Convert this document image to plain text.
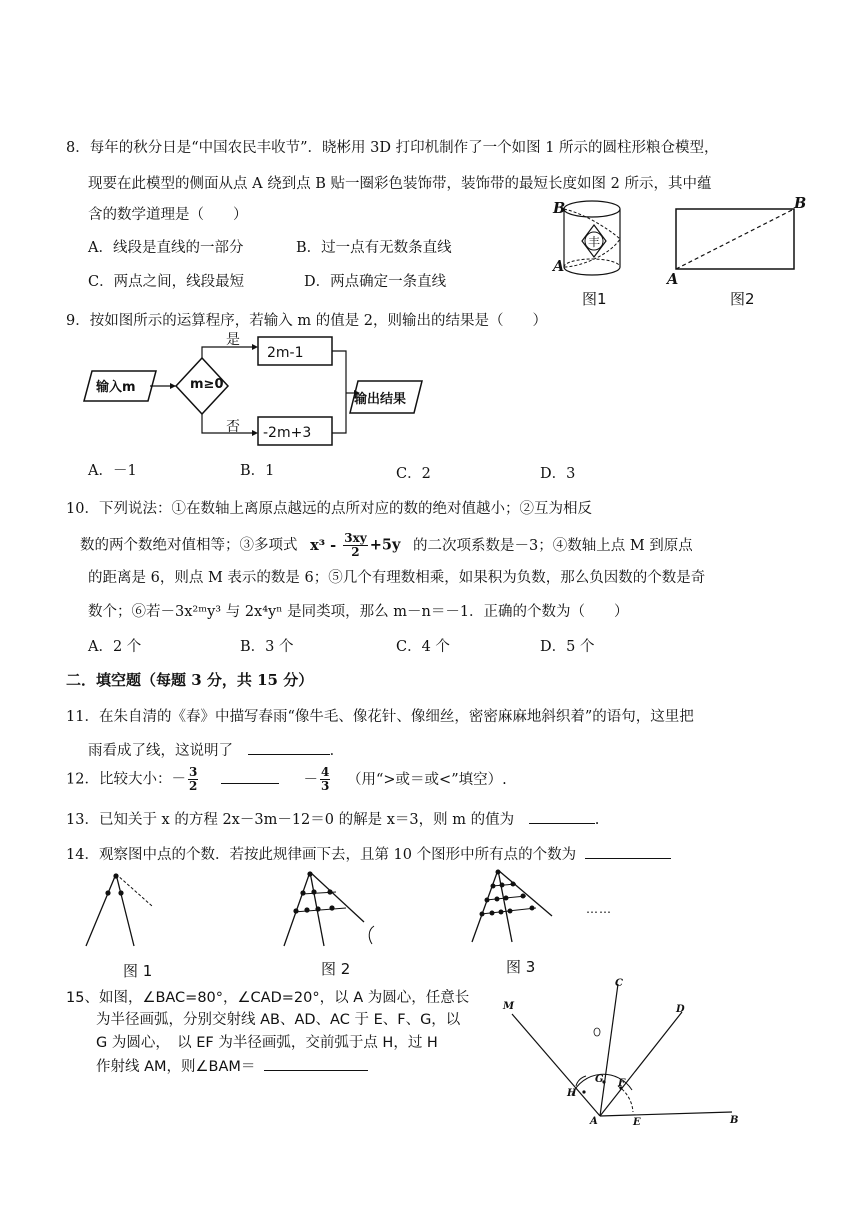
8．每年的秋分日是“中国农民丰收节”．晓彬用 3D 打印机制作了一个如图 1 所示的圆柱形粮仓模型，
现要在此模型的侧面从点 A 绕到点 B 贴一圈彩色装饰带，装饰带的最短长度如图 2 所示，其中蕴
含的数学道理是（　　）
A．线段是直线的一部分	B．过一点有无数条直线
C．两点之间，线段最短	D．两点确定一条直线
B
A
丰
图1
B
A
图2
9．按如图所示的运算程序，若输入 m 的值是 2，则输出的结果是（　　）
输入m	m≥0
是
否
2m-1
-2m+3
输出结果
A．－1	B．1	C．2	D．3
10．下列说法：①在数轴上离原点越远的点所对应的数的绝对值越小；②互为相反
数的两个数绝对值相等；③多项式 $x^3 - \frac{3xy}{2} +5y$ 的二次项系数是－3；④数轴上点 M 到原点
的距离是 6，则点 M 表示的数是 6；⑤几个有理数相乘，如果积为负数，那么负因数的个数是奇
数个；⑥若－3x²ᵐy³ 与 2x⁴yⁿ 是同类项，那么 m－n＝－1．正确的个数为（　　）
A．2 个	B．3 个	C．4 个	D．5 个
二．填空题（每题 3 分，共 15 分）
11．在朱自清的《春》中描写春雨“像牛毛、像花针、像细丝，密密麻麻地斜织着”的语句，这里把
雨看成了线，这说明了	．
12．比较大小：－ $\frac{3}{2}$	－ $\frac{4}{3}$ （用“>或＝或<”填空）.
13．已知关于 x 的方程 2x－3m－12＝0 的解是 x＝3，则 m 的值为	.
14．观察图中点的个数．若按此规律画下去，且第 10 个图形中所有点的个数为
……
图 1	图 2	图 3
15、如图，∠BAC=80°，∠CAD=20°，以 A 为圆心，任意长
为半径画弧，分别交射线 AB、AD、AC 于 E、F、G，以
G 为圆心，　以 EF 为半径画弧，交前弧于点 H，过 H
作射线 AM，则∠BAM＝
M
C
D
H
G F
A	E	B
